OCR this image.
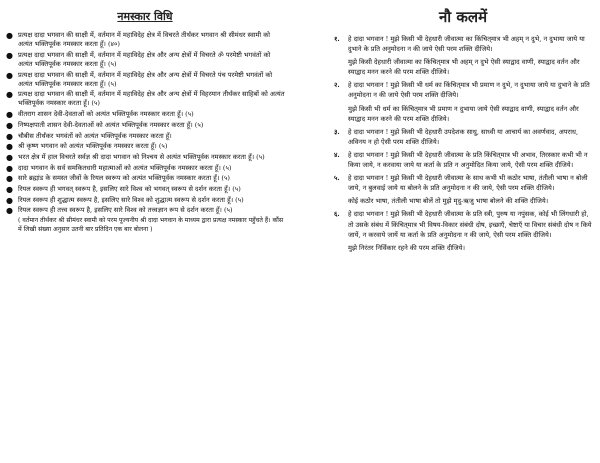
नमस्कार विधि
● प्रत्यक्ष दादा भगवान की साक्षी में, वर्तमान में महाविदेह क्षेत्र में विचरते तीर्थंकर भगवान श्री सीमंधर स्वामी को अत्यंत भक्तिपूर्वक नमस्कार करता हूँ। (४०)
● प्रत्यक्ष दादा भगवान की साक्षी में, वर्तमान में महाविदेह क्षेत्र और अन्य क्षेत्रों में विचरते ॐ परमेष्टी भगवंतों को अत्यंत भक्तिपूर्वक नमस्कार करता हूँ। (५)
● प्रत्यक्ष दादा भगवान की साक्षी में, वर्तमान में महाविदेह क्षेत्र और अन्य क्षेत्रों में विचरते पंच परमेष्टी भगवंतों को अत्यंत भक्तिपूर्वक नमस्कार करता हूँ। (५)
● प्रत्यक्ष दादा भगवान की साक्षी में, वर्तमान में महाविदेह क्षेत्र और अन्य क्षेत्रों में विहरमान तीर्थंकर साहिबों को अत्यंत भक्तिपूर्वक नमस्कार करता हूँ। (५)
● वीतराग शासन देवी-देवताओं को अत्यंत भक्तिपूर्वक नमस्कार करता हूँ। (५)
● निष्पक्षपाती शासन देवी-देवताओं को अत्यंत भक्तिपूर्वक नमस्कार करता हूँ। (५)
● चौबीस तीर्थंकर भगवंतों को अत्यंत भक्तिपूर्वक नमस्कार करता हूँ।
● श्री कृष्ण भगवान को अत्यंत भक्तिपूर्वक नमस्कार करता हूँ। (५)
● भरत क्षेत्र में हाल विचरते सर्वज्ञ श्री दादा भगवान को निश्चय से अत्यंत भक्तिपूर्वक नमस्कार करता हूँ। (५)
● दादा भगवान के सर्व समकितधारी महात्माओं को अत्यंत भक्तिपूर्वक नमस्कार करता हूँ। (५)
● सारे ब्रह्मांड के समस्त जीवों के रियल स्वरूप को अत्यंत भक्तिपूर्वक नमस्कार करता हूँ। (५)
● रियल स्वरूप ही भगवत् स्वरूप है, इसलिए सारे विश्व को भगवत् स्वरूप से दर्शन करता हूँ। (५)
● रियल स्वरूप ही शुद्धात्म स्वरूप है, इसलिए सारे विश्व को शुद्धात्म स्वरूप से दर्शन करता हूँ। (५)
● रियल स्वरूप ही तत्त्व स्वरूप है, इसलिए सारे विश्व को तत्त्वज्ञान रूप से दर्शन करता हूँ। (५)
( वर्तमान तीर्थंकर श्री सीमंधर स्वामी को परम पूज्यनीय श्री दादा भगवान के माध्यम द्वारा प्रत्यक्ष नमस्कार पहुँचते हैं। कौंस में लिखी संख्या अनुसार उतनी बार प्रतिदिन एक बार बोलना )
नौ कलमें
१. हे दादा भगवान ! मुझे किसी भी देहधारी जीवात्मा का किंचित्‌मात्र भी अहम् न दुभे, न दुभाया जाये या दुभाने के प्रति अनुमोदना न की जाये ऐसी परम शक्ति दीजिये।
मुझे किसी देहधारी जीवात्मा का किंचित्‌मात्र भी अहम् न दुभे ऐसी स्याद्वाद वाणी, स्याद्वाद वर्तन और स्याद्वाद मनन करने की परम शक्ति दीजिये।
२. हे दादा भगवान ! मुझे किसी भी धर्म का किंचित्‌मात्र भी प्रमाण न दुभे, न दुभाया जाये या दुभाने के प्रति अनुमोदना न की जाये ऐसी परम शक्ति दीजिये।
मुझे किसी भी धर्म का किंचित्‌मात्र भी प्रमाण न दुभाया जाये ऐसी स्याद्वाद वाणी, स्याद्वाद वर्तन और स्याद्वाद मनन करने की परम शक्ति दीजिये।
३. हे दादा भगवान ! मुझे किसी भी देहधारी उपदेशक साधु, साध्वी या आचार्य का अवर्णवाद, अपराध, अविनय न हो ऐसी परम शक्ति दीजिये।
४. हे दादा भगवान ! मुझे किसी भी देहधारी जीवात्मा के प्रति किंचित्‌मात्र भी अभाव, तिरस्कार कभी भी न किया जाये, न करवाया जाये या कर्ता के प्रति न अनुमोदित किया जाये, ऐसी परम शक्ति दीजिये।
५. हे दादा भगवान ! मुझे किसी भी देहधारी जीवात्मा के साथ कभी भी कठोर भाषा, तंतीली भाषा न बोली जाये, न बुलवाई जाये या बोलने के प्रति अनुमोदना न की जाये, ऐसी परम शक्ति दीजिये।
कोई कठोर भाषा, तंतीली भाषा बोलें तो मुझे मृदु-ऋजु भाषा बोलने की शक्ति दीजिये।
६. हे दादा भगवान ! मुझे किसी भी देहधारी जीवात्मा के प्रति स्त्री, पुरुष या नपुंसक, कोई भी लिंगधारी हो, तो उसके संबंध में किंचित्‌मात्र भी विषय-विकार संबंधी दोष, इच्छाएँ, चेष्टाएँ या विचार संबंधी दोष न किये जायें, न करवाये जायें या कर्ता के प्रति अनुमोदना न की जाये, ऐसी परम शक्ति दीजिये।
मुझे निरंतर निर्विकार रहने की परम शक्ति दीजिये।
